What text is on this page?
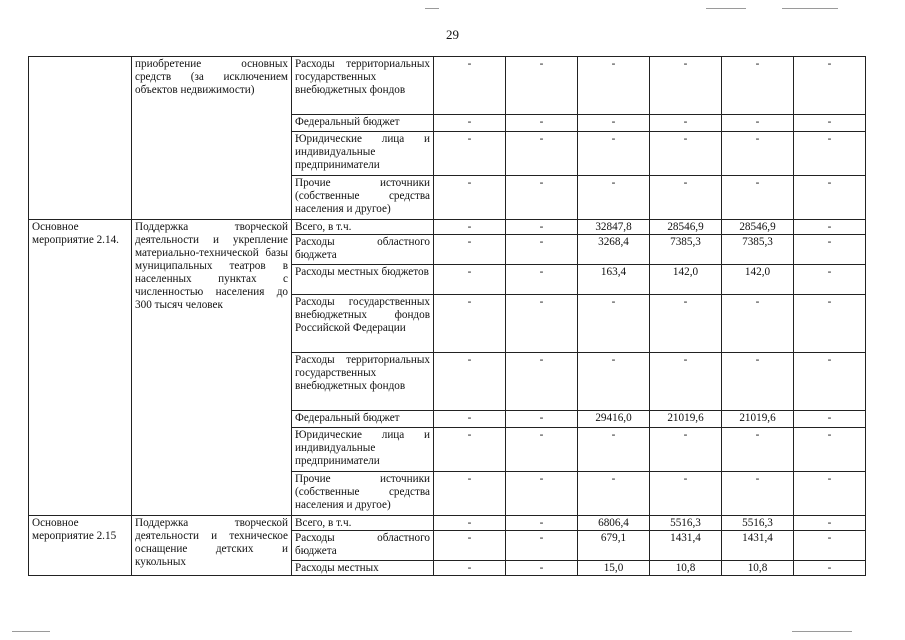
29
	приобретение основных средств (за исключением объектов недвижимости)	Расходы территориальных государственных внебюджетных фондов	-	-	-	-	-	-
		Федеральный бюджет	-	-	-	-	-	-
		Юридические лица и индивидуальные предприниматели	-	-	-	-	-	-
		Прочие источники (собственные средства населения и другое)	-	-	-	-	-	-
Основное мероприятие 2.14.	Поддержка творческой деятельности и укрепление материально-технической базы муниципальных театров в населенных пунктах с численностью населения до 300 тысяч человек	Всего, в т.ч.	-	-	32847,8	28546,9	28546,9	-
		Расходы областного бюджета	-	-	3268,4	7385,3	7385,3	-
		Расходы местных бюджетов	-	-	163,4	142,0	142,0	-
		Расходы государственных внебюджетных фондов Российской Федерации	-	-	-	-	-	-
		Расходы территориальных государственных внебюджетных фондов	-	-	-	-	-	-
		Федеральный бюджет	-	-	29416,0	21019,6	21019,6	-
		Юридические лица и индивидуальные предприниматели	-	-	-	-	-	-
		Прочие источники (собственные средства населения и другое)	-	-	-	-	-	-
Основное мероприятие 2.15	Поддержка творческой деятельности и техническое оснащение детских и кукольных	Всего, в т.ч.	-	-	6806,4	5516,3	5516,3	-
		Расходы областного бюджета	-	-	679,1	1431,4	1431,4	-
		Расходы местных	-	-	15,0	10,8	10,8	-
